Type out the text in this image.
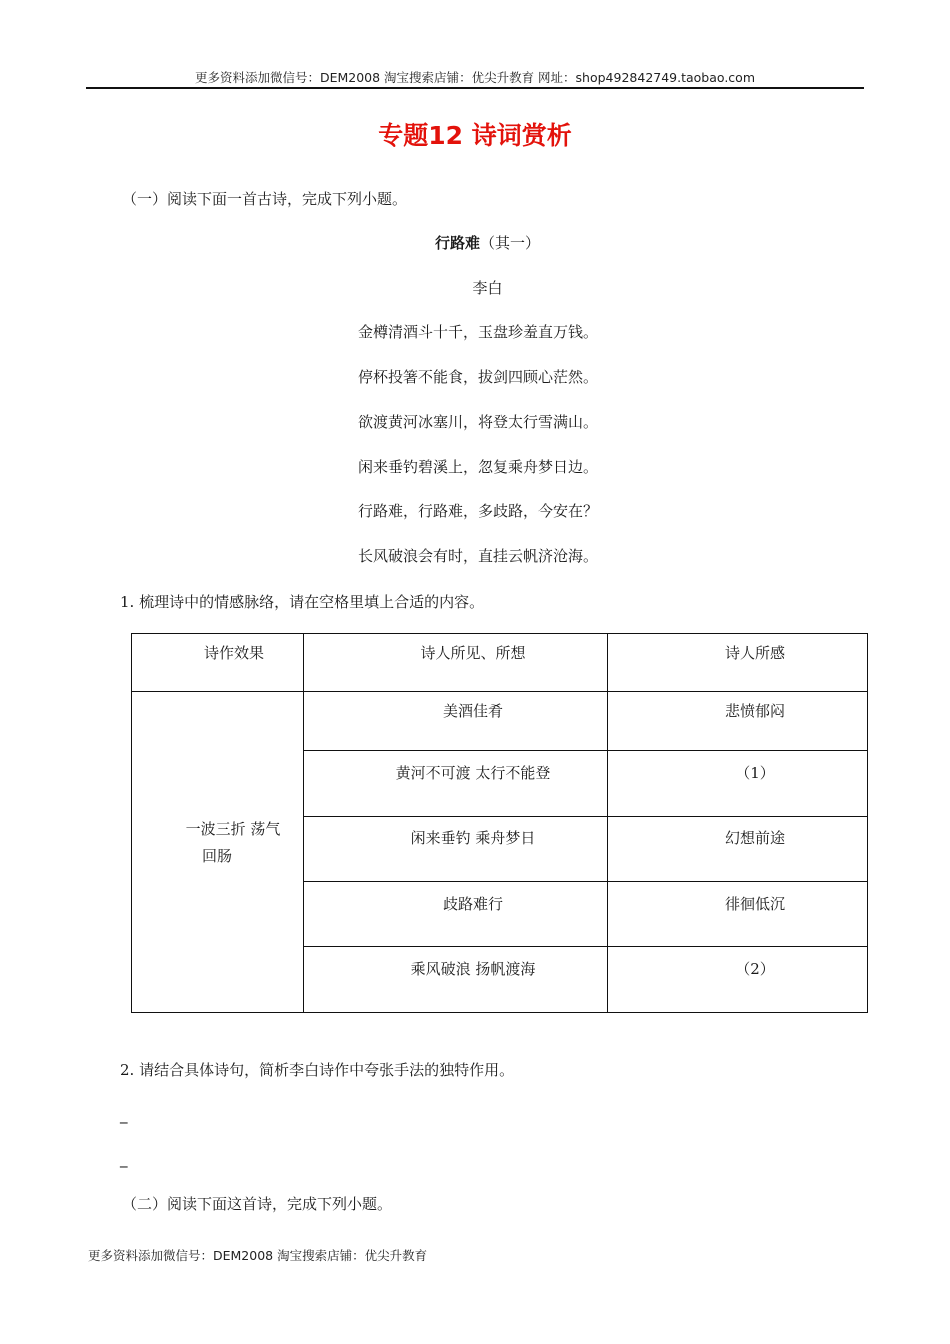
更多资料添加微信号：DEM2008 淘宝搜索店铺：优尖升教育 网址：shop492842749.taobao.com
专题12 诗词赏析
（一）阅读下面一首古诗，完成下列小题。
行路难（其一）
李白
金樽清酒斗十千，玉盘珍羞直万钱。
停杯投箸不能食，拔剑四顾心茫然。
欲渡黄河冰塞川，将登太行雪满山。
闲来垂钓碧溪上，忽复乘舟梦日边。
行路难，行路难，多歧路，今安在？
长风破浪会有时，直挂云帆济沧海。
1. 梳理诗中的情感脉络，请在空格里填上合适的内容。
诗作效果	诗人所见、所想	诗人所感
一波三折 荡气
回肠
美酒佳肴	悲愤郁闷
黄河不可渡 太行不能登	（1）
闲来垂钓 乘舟梦日	幻想前途
歧路难行	徘徊低沉
乘风破浪 扬帆渡海	（2）
2. 请结合具体诗句，简析李白诗作中夸张手法的独特作用。
_
_
（二）阅读下面这首诗，完成下列小题。
更多资料添加微信号：DEM2008 淘宝搜索店铺：优尖升教育
